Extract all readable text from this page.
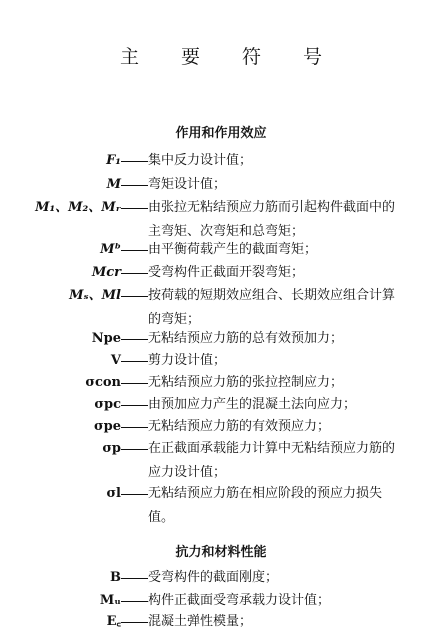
主 要 符 号
作用和作用效应
F₁ 集中反力设计值；
M 弯矩设计值；
M₁、M₂、Mᵣ 由张拉无粘结预应力筋而引起构件截面中的
主弯矩、次弯矩和总弯矩；
Mᵇ 由平衡荷载产生的截面弯矩；
Mcr 受弯构件正截面开裂弯矩；
Mₛ、Ml 按荷载的短期效应组合、长期效应组合计算
的弯矩；
Npe 无粘结预应力筋的总有效预加力；
V 剪力设计值；
σcon 无粘结预应力筋的张拉控制应力；
σpc 由预加应力产生的混凝土法向应力；
σpe 无粘结预应力筋的有效预应力；
σp 在正截面承载能力计算中无粘结预应力筋的
应力设计值；
σl 无粘结预应力筋在相应阶段的预应力损失
值。
抗力和材料性能
B 受弯构件的截面刚度；
Mᵤ 构件正截面受弯承载力设计值；
E꜀ 混凝土弹性模量；
